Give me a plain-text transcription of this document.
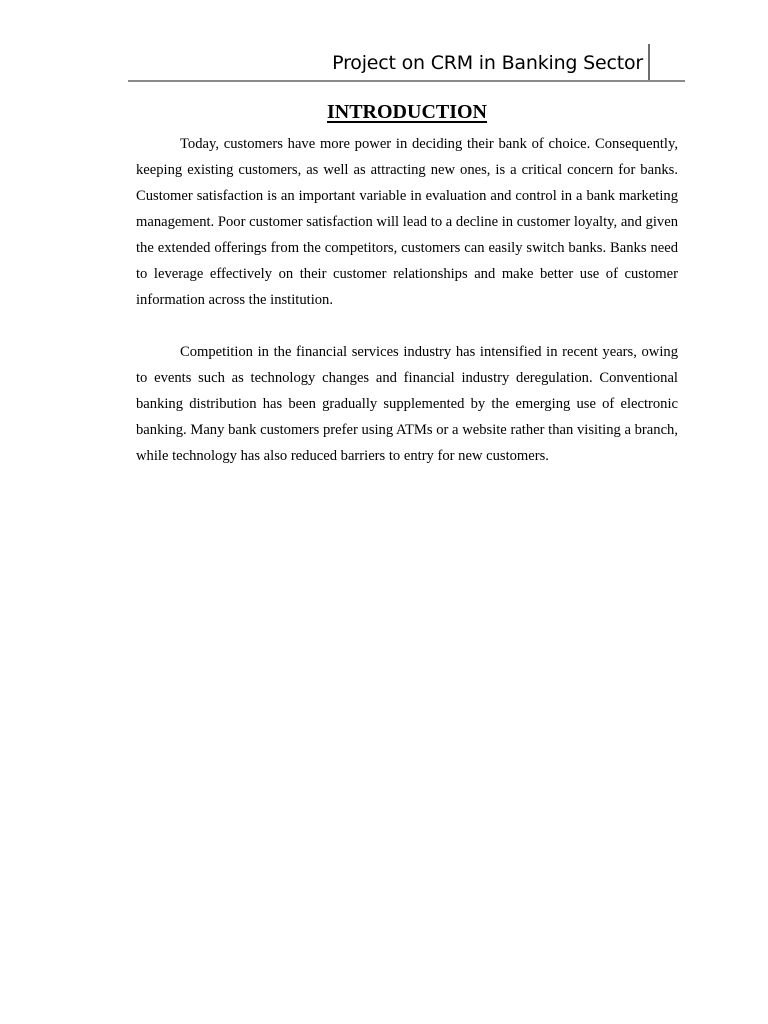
Project on CRM in Banking Sector
INTRODUCTION

Today, customers have more power in deciding their bank of choice. Consequently, keeping existing customers, as well as attracting new ones, is a critical concern for banks. Customer satisfaction is an important variable in evaluation and control in a bank marketing management. Poor customer satisfaction will lead to a decline in customer loyalty, and given the extended offerings from the competitors, customers can easily switch banks. Banks need to leverage effectively on their customer relationships and make better use of customer information across the institution.

Competition in the financial services industry has intensified in recent years, owing to events such as technology changes and financial industry deregulation. Conventional banking distribution has been gradually supplemented by the emerging use of electronic banking. Many bank customers prefer using ATMs or a website rather than visiting a branch, while technology has also reduced barriers to entry for new customers.
